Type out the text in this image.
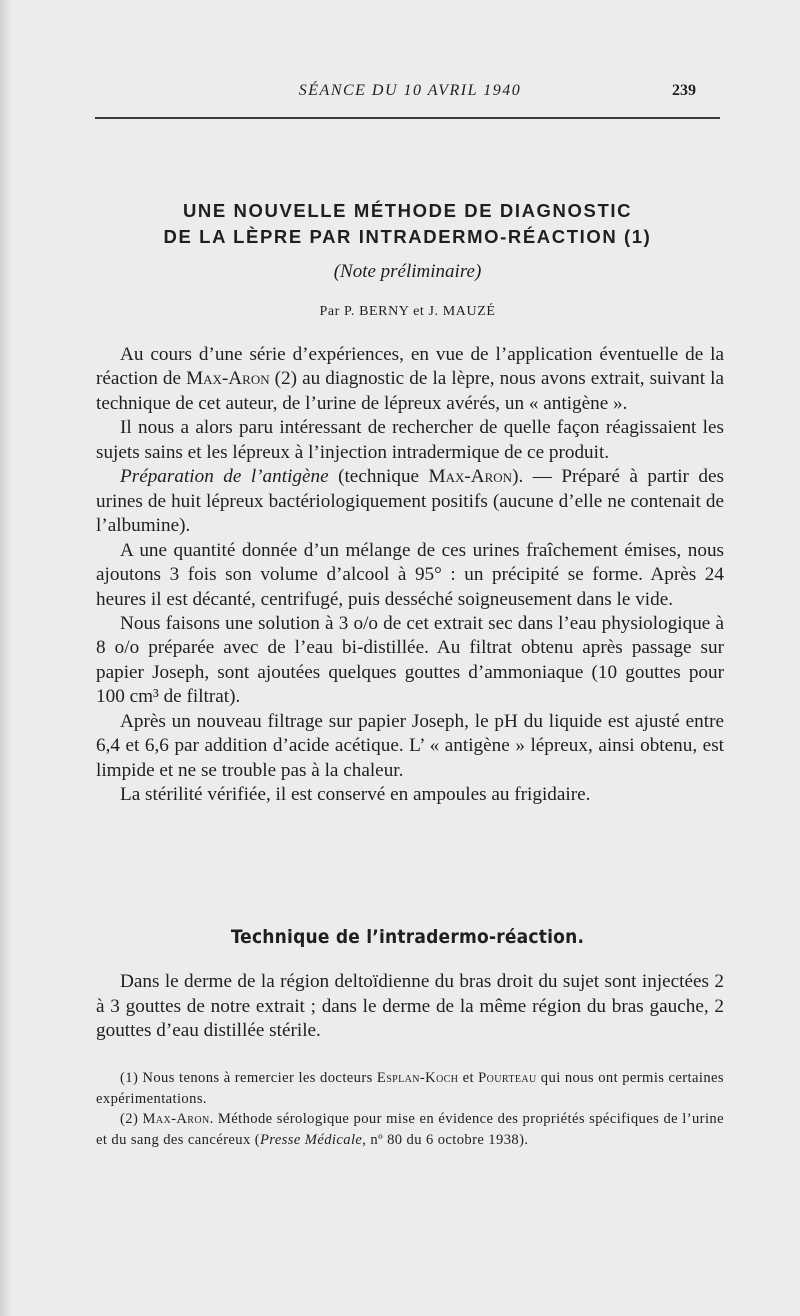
SÉANCE DU 10 AVRIL 1940	239
UNE NOUVELLE MÉTHODE DE DIAGNOSTIC
DE LA LÈPRE PAR INTRADERMO-RÉACTION (1)
(Note préliminaire)
Par P. BERNY et J. MAUZÉ

Au cours d’une série d’expériences, en vue de l’application éventuelle de la réaction de Max-Aron (2) au diagnostic de la lèpre, nous avons extrait, suivant la technique de cet auteur, de l’urine de lépreux avérés, un « antigène ».

Il nous a alors paru intéressant de rechercher de quelle façon réagissaient les sujets sains et les lépreux à l’injection intradermique de ce produit.

Préparation de l’antigène (technique Max-Aron). — Préparé à partir des urines de huit lépreux bactériologiquement positifs (aucune d’elle ne contenait de l’albumine).

A une quantité donnée d’un mélange de ces urines fraîchement émises, nous ajoutons 3 fois son volume d’alcool à 95° : un précipité se forme. Après 24 heures il est décanté, centrifugé, puis desséché soigneusement dans le vide.

Nous faisons une solution à 3 o/o de cet extrait sec dans l’eau physiologique à 8 o/o préparée avec de l’eau bi-distillée. Au filtrat obtenu après passage sur papier Joseph, sont ajoutées quelques gouttes d’ammoniaque (10 gouttes pour 100 cm³ de filtrat).

Après un nouveau filtrage sur papier Joseph, le pH du liquide est ajusté entre 6,4 et 6,6 par addition d’acide acétique. L’ « antigène » lépreux, ainsi obtenu, est limpide et ne se trouble pas à la chaleur.

La stérilité vérifiée, il est conservé en ampoules au frigidaire.

Technique de l’intradermo-réaction.

Dans le derme de la région deltoïdienne du bras droit du sujet sont injectées 2 à 3 gouttes de notre extrait ; dans le derme de la même région du bras gauche, 2 gouttes d’eau distillée stérile.

(1) Nous tenons à remercier les docteurs Esplan-Koch et Pourteau qui nous ont permis certaines expérimentations.

(2) Max-Aron. Méthode sérologique pour mise en évidence des propriétés spécifiques de l’urine et du sang des cancéreux (Presse Médicale, nº 80 du 6 octobre 1938).
